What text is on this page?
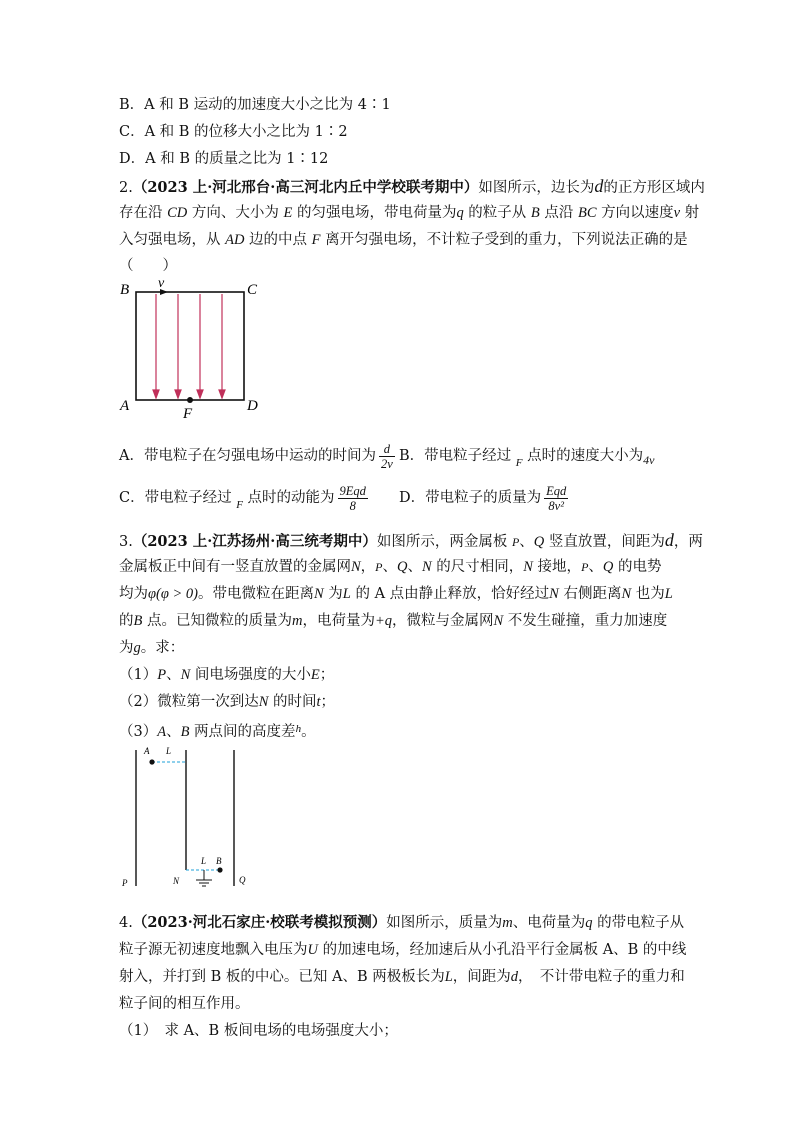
B．A 和 B 运动的加速度大小之比为 4∶1
C．A 和 B 的位移大小之比为 1∶2
D．A 和 B 的质量之比为 1∶12
2.（2023 上·河北邢台·高三河北内丘中学校联考期中）如图所示，边长为d的正方形区域内
存在沿 CD 方向、大小为 E 的匀强电场，带电荷量为q 的粒子从 B 点沿 BC 方向以速度v 射
入匀强电场，从 AD 边的中点 F 离开匀强电场，不计粒子受到的重力，下列说法正确的是
（　　）
B v	C
A	D
F
A．带电粒子在匀强电场中运动的时间为 $\frac{d}{2v}$ B．带电粒子经过 $_F$ 点时的速度大小为$_{4v}$
C．带电粒子经过 $_F$ 点时的动能为 $\frac{\text{9Eqd}}{8}$ D．带电粒子的质量为 $\frac{\text{Eqd}}{\text{8v²}}$
3.（2023 上·江苏扬州·高三统考期中）如图所示，两金属板 P、Q 竖直放置，间距为d，两
金属板正中间有一竖直放置的金属网N，P、Q、N 的尺寸相同，N 接地，P、Q 的电势
均为φ(φ > 0)。带电微粒在距离N 为L 的 A 点由静止释放，恰好经过N 右侧距离N 也为L
的B 点。已知微粒的质量为m，电荷量为+q，微粒与金属网N 不发生碰撞，重力加速度
为g。求：
（1）P、N 间电场强度的大小E；
（2）微粒第一次到达N 的时间t；
（3）A、B 两点间的高度差$^h$。
A L
L B
P	N	Q
4.（2023·河北石家庄·校联考模拟预测）如图所示，质量为m、电荷量为q 的带电粒子从
粒子源无初速度地飘入电压为U 的加速电场，经加速后从小孔沿平行金属板 A、B 的中线
射入，并打到 B 板的中心。已知 A、B 两极板长为L，间距为d，　不计带电粒子的重力和
粒子间的相互作用。
（1）　求 A、B 板间电场的电场强度大小；
